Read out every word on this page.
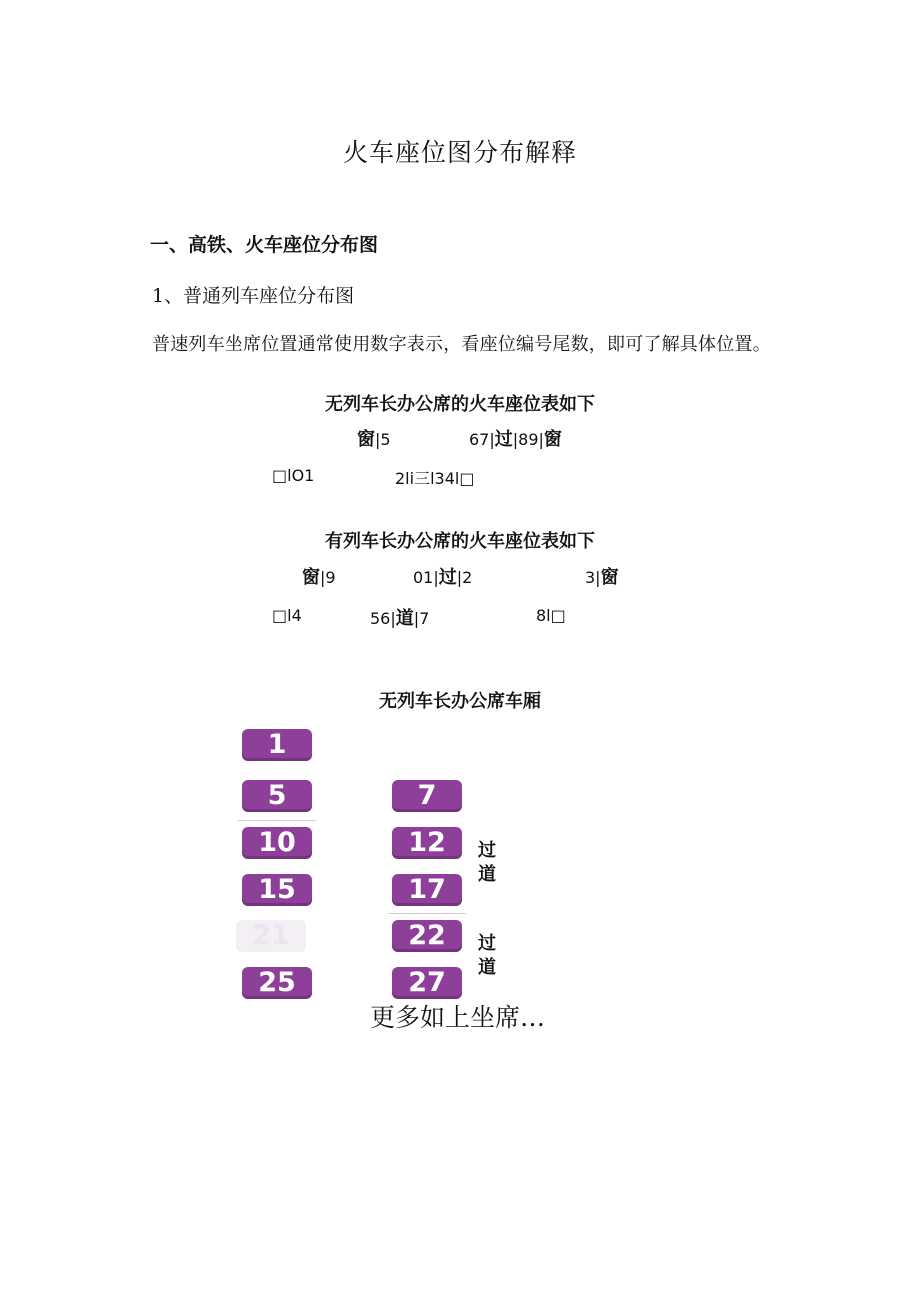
火车座位图分布解释
一、高铁、火车座位分布图
1、普通列车座位分布图
普速列车坐席位置通常使用数字表示，看座位编号尾数，即可了解具体位置。
无列车长办公席的火车座位表如下
窗|5	67|过|89|窗
□lO1	2li三l34l□
有列车长办公席的火车座位表如下
窗|9	01|过|2	3|窗
□l4	56|道|7	8l□
无列车长办公席车厢
1
5	7
10	12
15	17
21	22
25	27
过道
过道
更多如上坐席…
